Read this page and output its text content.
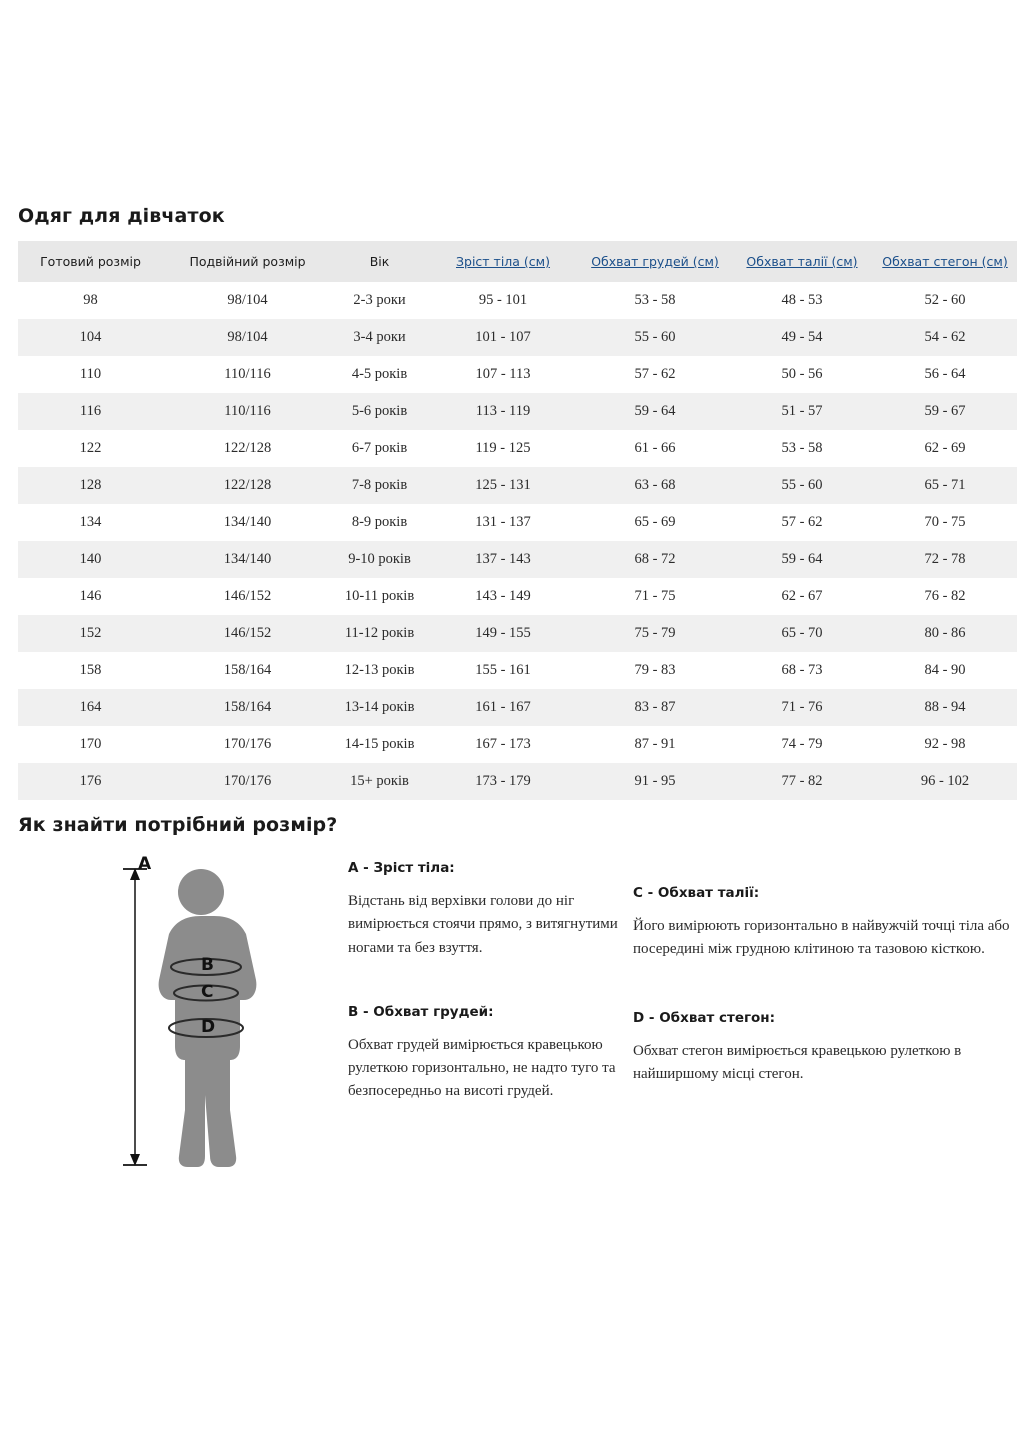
Одяг для дівчаток
Готовий розмір	Подвійний розмір	Вік	Зріст тіла (см)	Обхват грудей (см)	Обхват талії (см)	Обхват стегон (см)
98	98/104	2-3 роки	95 - 101	53 - 58	48 - 53	52 - 60
104	98/104	3-4 роки	101 - 107	55 - 60	49 - 54	54 - 62
110	110/116	4-5 років	107 - 113	57 - 62	50 - 56	56 - 64
116	110/116	5-6 років	113 - 119	59 - 64	51 - 57	59 - 67
122	122/128	6-7 років	119 - 125	61 - 66	53 - 58	62 - 69
128	122/128	7-8 років	125 - 131	63 - 68	55 - 60	65 - 71
134	134/140	8-9 років	131 - 137	65 - 69	57 - 62	70 - 75
140	134/140	9-10 років	137 - 143	68 - 72	59 - 64	72 - 78
146	146/152	10-11 років	143 - 149	71 - 75	62 - 67	76 - 82
152	146/152	11-12 років	149 - 155	75 - 79	65 - 70	80 - 86
158	158/164	12-13 років	155 - 161	79 - 83	68 - 73	84 - 90
164	158/164	13-14 років	161 - 167	83 - 87	71 - 76	88 - 94
170	170/176	14-15 років	167 - 173	87 - 91	74 - 79	92 - 98
176	170/176	15+ років	173 - 179	91 - 95	77 - 82	96 - 102
Як знайти потрібний розмір?
A
B
C
D

A - Зріст тіла:

Відстань від верхівки голови до ніг вимірюється стоячи прямо, з витягнутими ногами та без взуття.

B - Обхват грудей:

Обхват грудей вимірюється кравецькою рулеткою горизонтально, не надто туго та безпосередньо на висоті грудей.

C - Обхват талії:

Його вимірюють горизонтально в найвужчій точці тіла або посередині між грудною клітиною та тазовою кісткою.

D - Обхват стегон:

Обхват стегон вимірюється кравецькою рулеткою в найширшому місці стегон.
